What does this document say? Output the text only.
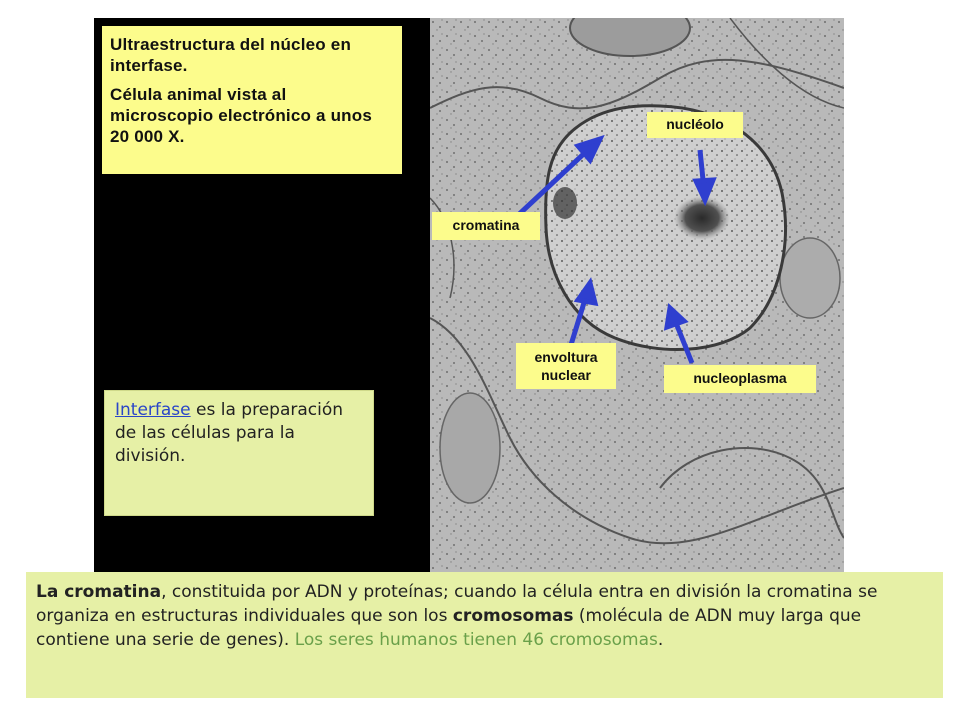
Ultraestructura del núcleo en interfase.

Célula animal vista al microscopio electrónico a unos 20 000 X.

nucléolo
cromatina
envoltura nuclear	nucleoplasma
Interfase es la preparación de las células para la división.
La cromatina, constituida por ADN y proteínas; cuando la célula entra en división la cromatina se organiza en estructuras individuales que son los cromosomas (molécula de ADN muy larga que contiene una serie de genes). Los seres humanos tienen 46 cromosomas.
